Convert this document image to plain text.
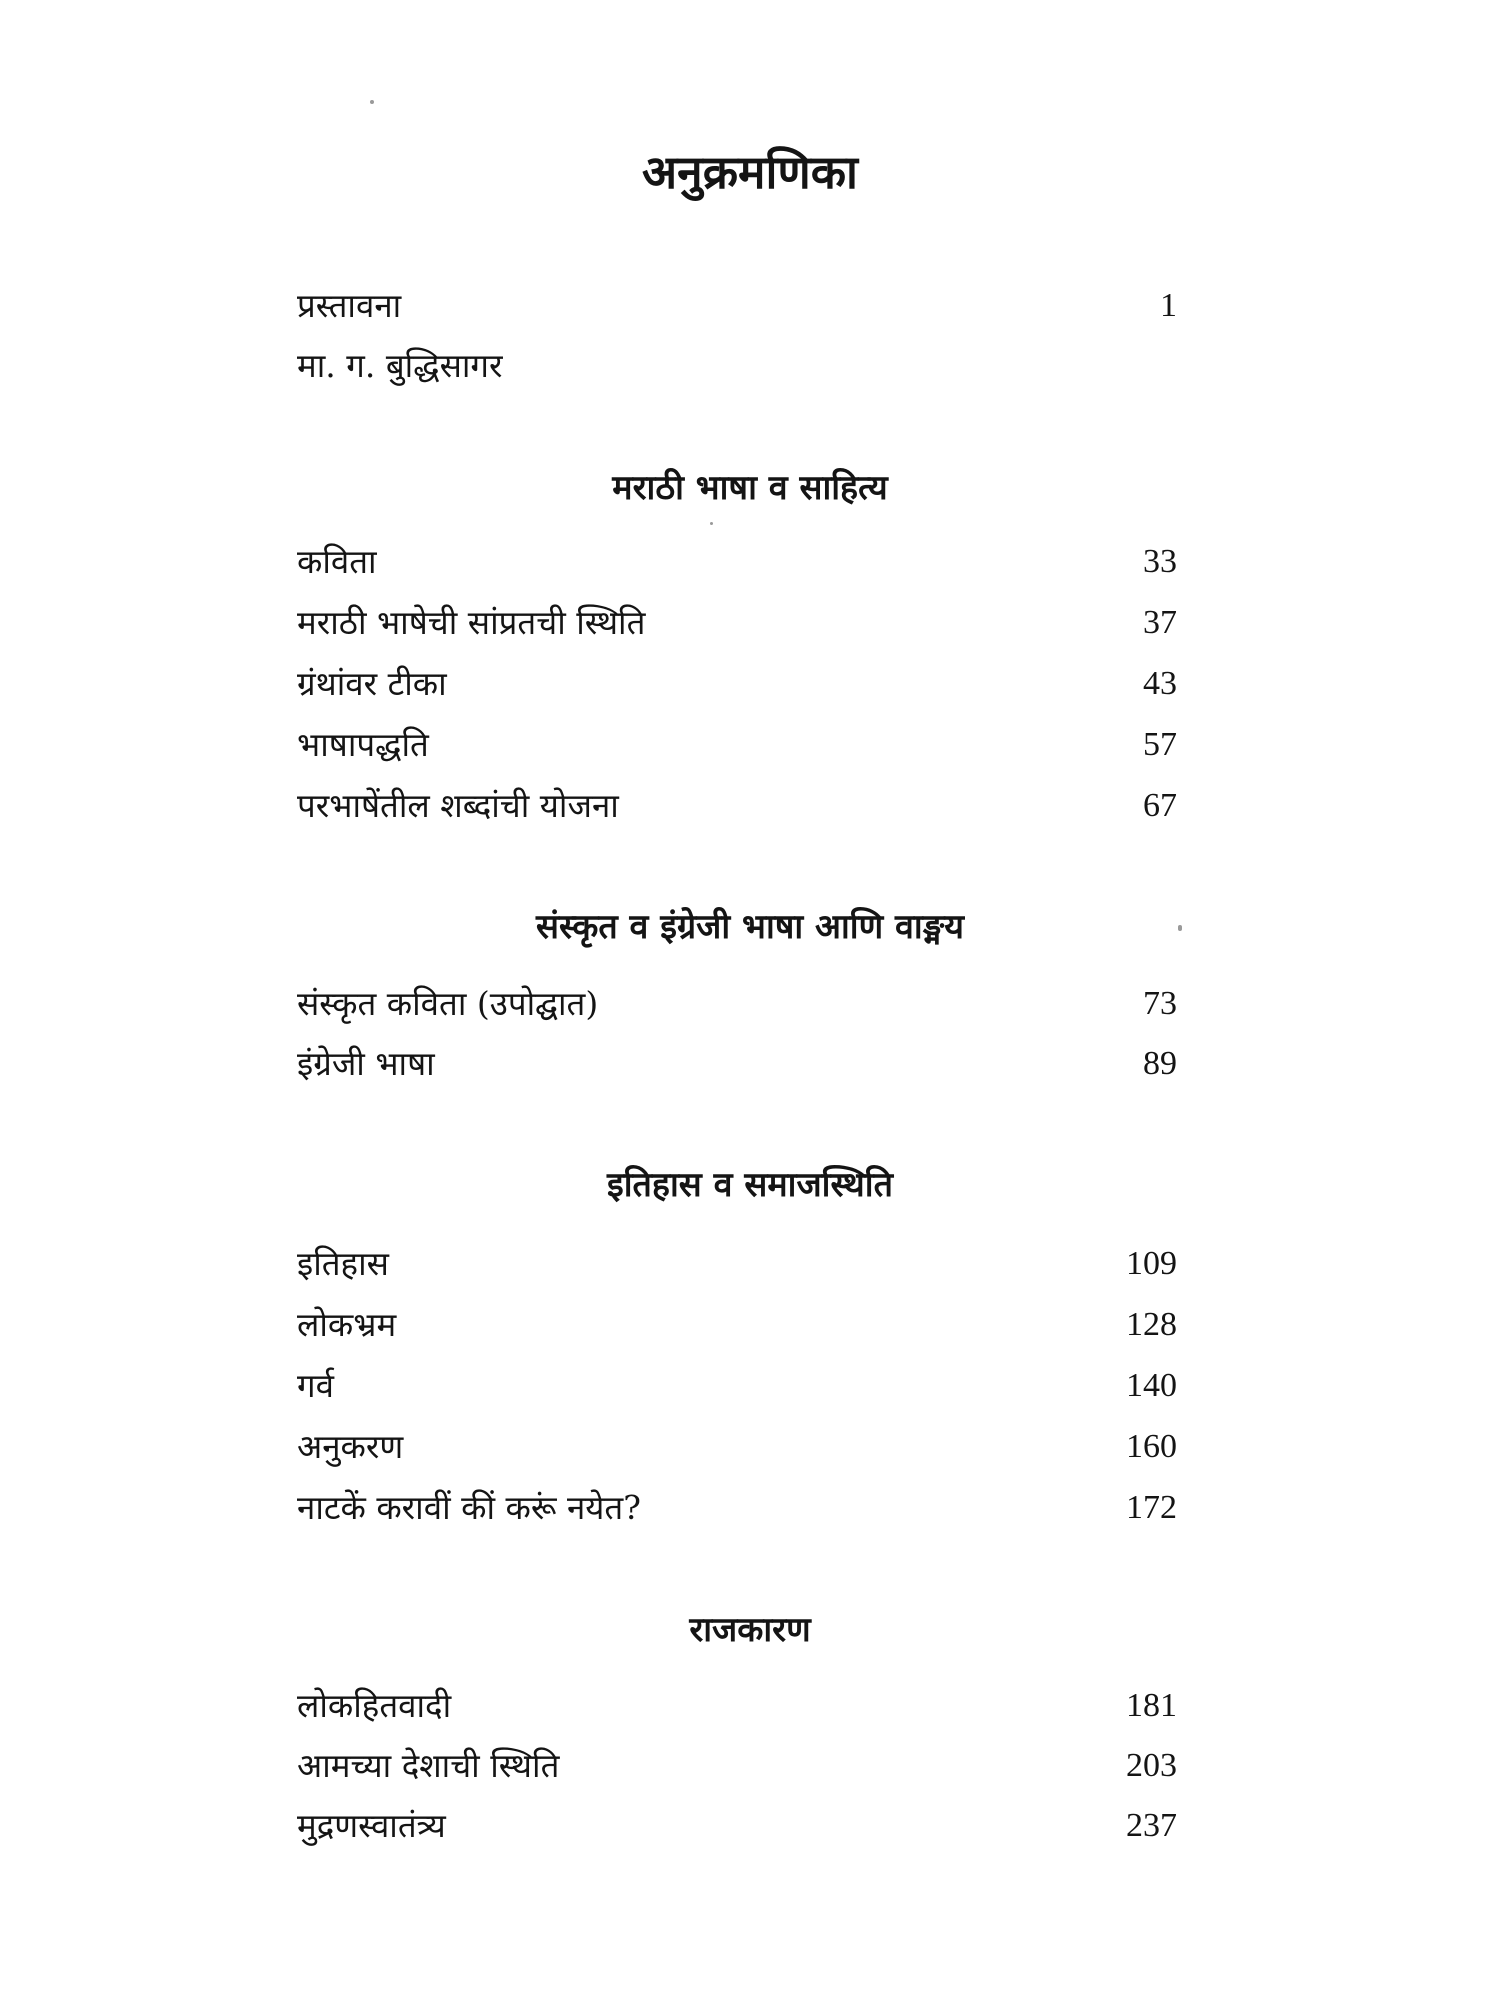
अनुक्रमणिका
प्रस्तावना	1
मा. ग. बुद्धिसागर
मराठी भाषा व साहित्य
कविता	33
मराठी भाषेची सांप्रतची स्थिति	37
ग्रंथांवर टीका	43
भाषापद्धति	57
परभाषेंतील शब्दांची योजना	67
संस्कृत व इंग्रेजी भाषा आणि वाङ्मय
संस्कृत कविता (उपोद्घात)	73
इंग्रेजी भाषा	89
इतिहास व समाजस्थिति
इतिहास	109
लोकभ्रम	128
गर्व	140
अनुकरण	160
नाटकें करावीं कीं करूं नयेत?	172
राजकारण
लोकहितवादी	181
आमच्या देशाची स्थिति	203
मुद्रणस्वातंत्र्य	237
